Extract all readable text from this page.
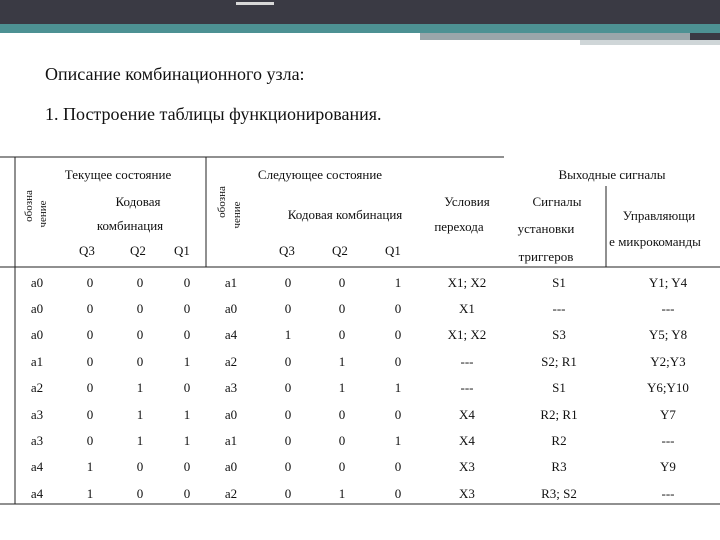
Описание комбинационного узла:
1. Построение таблицы функционирования.
Текущее состояние	Следующее состояние	Выходные сигналы
обозна чение	обозна чение
Кодовая
комбинация
Кодовая комбинация
Q3	Q2 Q1	Q3	Q2	Q1
Условия
перехода
Сигналы
установки
триггеров
Управляющи
е микрокоманды
а0	0	0	0	а1	0	0	1	X1; X2	S1	Y1; Y4
а0	0	0	0	а0	0	0	0	X1	---	---
а0	0	0	0	а4	1	0	0	X1; X2	S3	Y5; Y8
а1	0	0	1	а2	0	1	0	---	S2; R1	Y2;Y3
а2	0	1	0	а3	0	1	1	---	S1	Y6;Y10
а3	0	1	1	а0	0	0	0	X4	R2; R1	Y7
а3	0	1	1	а1	0	0	1	X4	R2	---
а4	1	0	0	а0	0	0	0	X3	R3	Y9
а4	1	0	0	а2	0	1	0	X3	R3; S2	---
